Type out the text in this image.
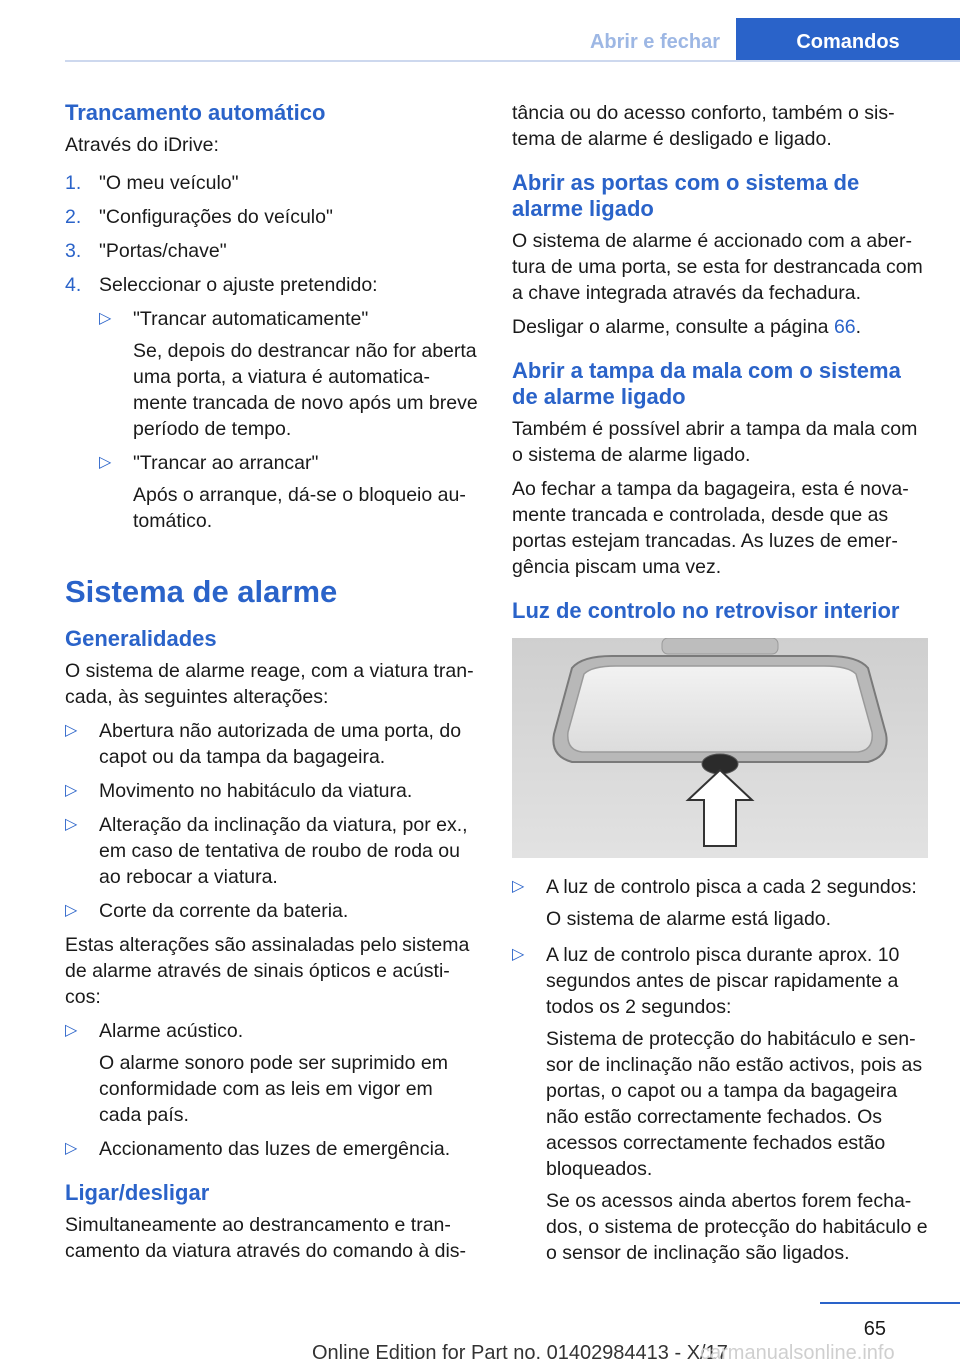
Abrir e fechar	Comandos
Trancamento automático

Através do iDrive:

1. "O meu veículo"
2. "Configurações do veículo"
3. "Portas/chave"
4. Seleccionar o ajuste pretendido:
▷ "Trancar automaticamente"

Se, depois do destrancar não for aberta uma porta, a viatura é automatica-mente trancada de novo após um breve período de tempo.

▷ "Trancar ao arrancar"

Após o arranque, dá-se o bloqueio au-tomático.

Sistema de alarme
Generalidades

O sistema de alarme reage, com a viatura tran-cada, às seguintes alterações:

▷ Abertura não autorizada de uma porta, do capot ou da tampa da bagageira.
▷ Movimento no habitáculo da viatura.
▷ Alteração da inclinação da viatura, por ex., em caso de tentativa de roubo de roda ou ao rebocar a viatura.
▷ Corte da corrente da bateria.

Estas alterações são assinaladas pelo sistema de alarme através de sinais ópticos e acústi-cos:

▷ Alarme acústico.

O alarme sonoro pode ser suprimido em conformidade com as leis em vigor em cada país.

▷ Accionamento das luzes de emergência.

Ligar/desligar

Simultaneamente ao destrancamento e tran-camento da viatura através do comando à dis-

tância ou do acesso conforto, também o sis-tema de alarme é desligado e ligado.

Abrir as portas com o sistema de alarme ligado

O sistema de alarme é accionado com a aber-tura de uma porta, se esta for destrancada com a chave integrada através da fechadura.

Desligar o alarme, consulte a página 66.

Abrir a tampa da mala com o sistema de alarme ligado

Também é possível abrir a tampa da mala com o sistema de alarme ligado.

Ao fechar a tampa da bagageira, esta é nova-mente trancada e controlada, desde que as portas estejam trancadas. As luzes de emer-gência piscam uma vez.

Luz de controlo no retrovisor interior
▷ A luz de controlo pisca a cada 2 segundos:

O sistema de alarme está ligado.

▷ A luz de controlo pisca durante aprox. 10 segundos antes de piscar rapidamente a todos os 2 segundos:

Sistema de protecção do habitáculo e sen-sor de inclinação não estão activos, pois as portas, o capot ou a tampa da bagageira não estão correctamente fechados. Os acessos correctamente fechados estão bloqueados.

Se os acessos ainda abertos forem fecha-dos, o sistema de protecção do habitáculo e o sensor de inclinação são ligados.

65
Online Edition for Part no. 01402984413 - X/17
carmanualsonline.info
